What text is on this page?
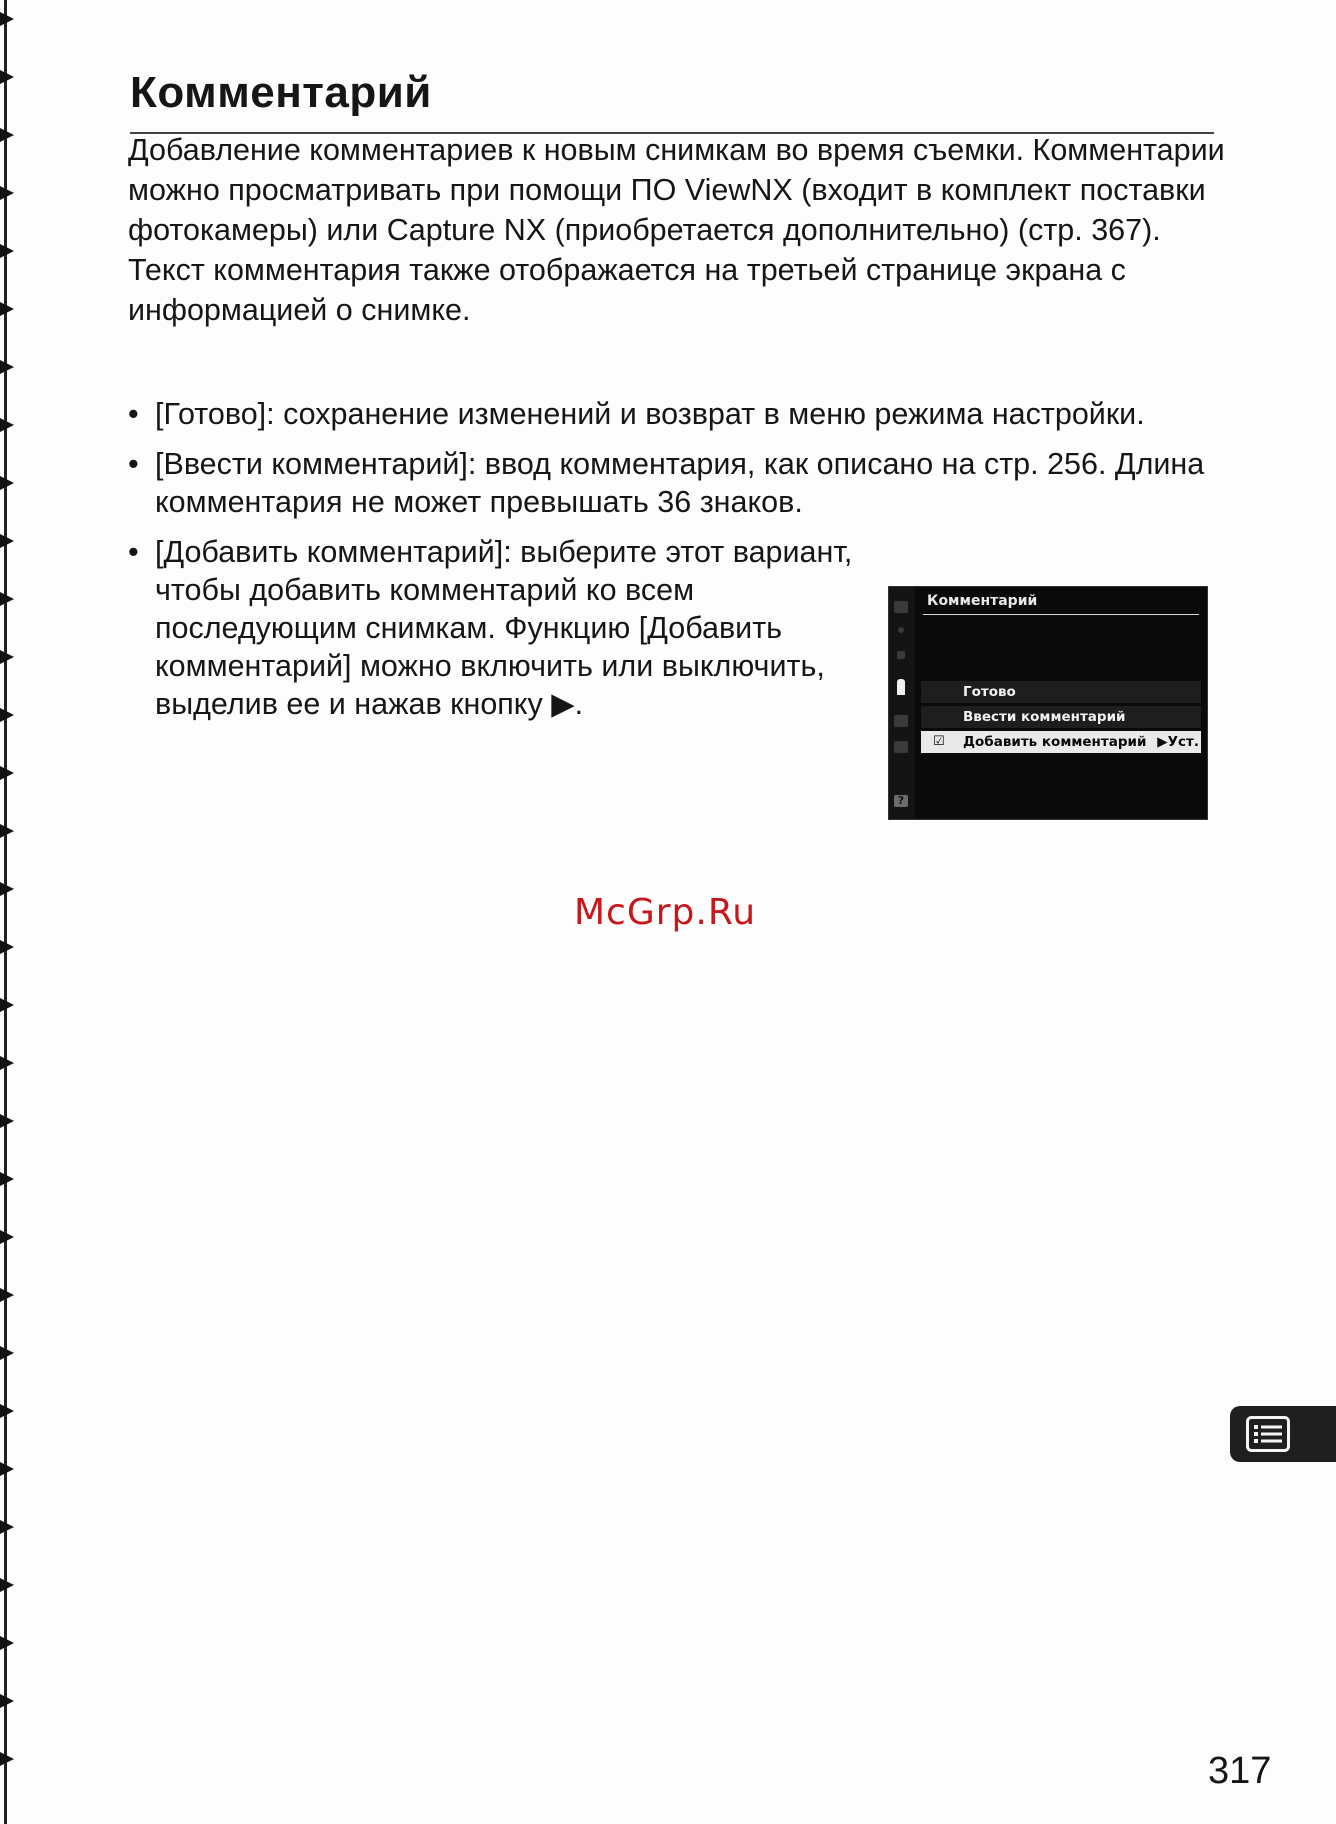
Комментарий

Добавление комментариев к новым снимкам во время съемки. Комментарии можно просматривать при помощи ПО ViewNX (входит в комплект поставки фотокамеры) или Capture NX (приобретается дополнительно) (стр. 367). Текст комментария также отображается на третьей странице экрана с информацией о снимке.

• [Готово]: сохранение изменений и возврат в меню режима настройки.
• [Ввести комментарий]: ввод комментария, как описано на стр. 256. Длина комментария не может превышать 36 знаков.
• [Добавить комментарий]: выберите этот вариант, чтобы добавить комментарий ко всем последующим снимкам. Функцию [Добавить комментарий] можно включить или выключить, выделив ее и нажав кнопку ▶.
?
Комментарий
Готово
Ввести комментарий
☑ Добавить комментарий ▶Уст.
McGrp.Ru
317
